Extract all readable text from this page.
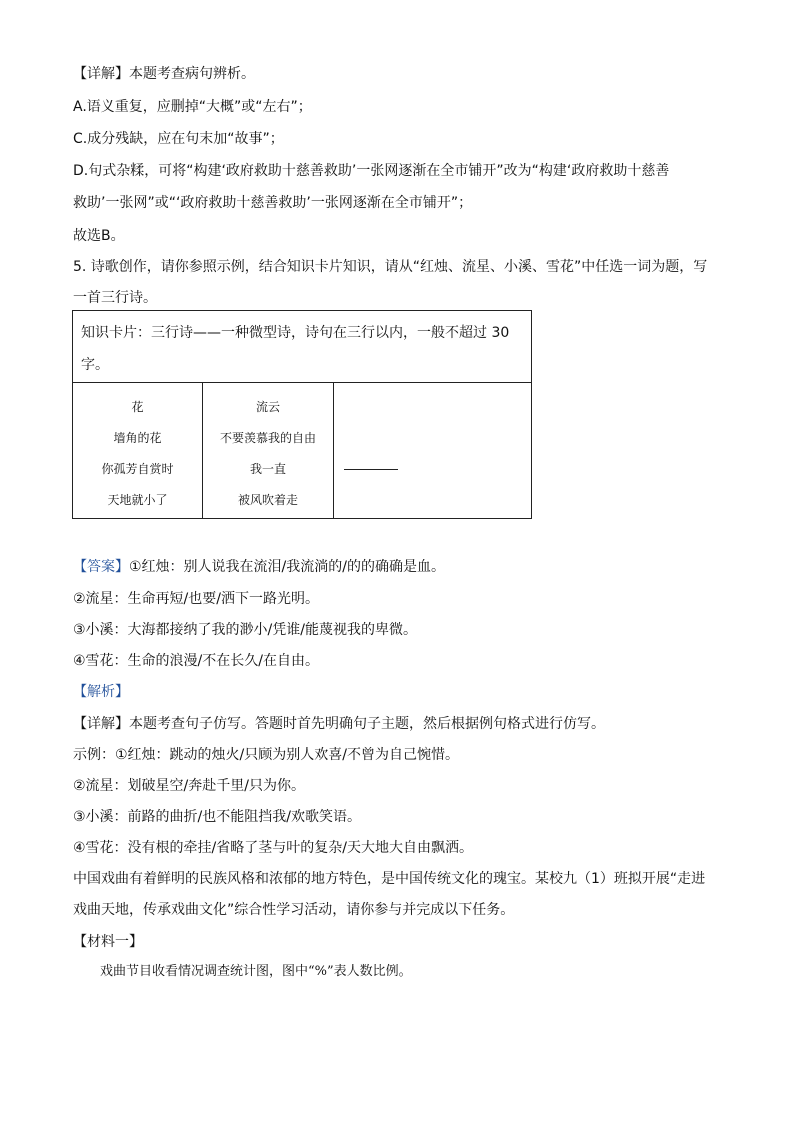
【详解】本题考查病句辨析。
A.语义重复，应删掉“大概”或“左右”；
C.成分残缺，应在句末加“故事”；
D.句式杂糅，可将“构建‘政府救助十慈善救助’一张网逐渐在全市铺开”改为“构建‘政府救助十慈善
救助’一张网”或“‘政府救助十慈善救助’一张网逐渐在全市铺开”；
故选B。
5. 诗歌创作，请你参照示例，结合知识卡片知识，请从“红烛、流星、小溪、雪花”中任选一词为题，写
一首三行诗。
知识卡片：三行诗——一种微型诗，诗句在三行以内，一般不超过 30
字。
花
墙角的花
你孤芳自赏时
天地就小了
流云
不要羡慕我的自由
我一直
被风吹着走
【答案】①红烛：别人说我在流泪/我流淌的/的的确确是血。
②流星：生命再短/也要/洒下一路光明。
③小溪：大海都接纳了我的渺小/凭谁/能蔑视我的卑微。
④雪花：生命的浪漫/不在长久/在自由。
【解析】
【详解】本题考查句子仿写。答题时首先明确句子主题，然后根据例句格式进行仿写。
示例：①红烛：跳动的烛火/只顾为别人欢喜/不曾为自己惋惜。
②流星：划破星空/奔赴千里/只为你。
③小溪：前路的曲折/也不能阻挡我/欢歌笑语。
④雪花：没有根的牵挂/省略了茎与叶的复杂/天大地大自由飘洒。
中国戏曲有着鲜明的民族风格和浓郁的地方特色，是中国传统文化的瑰宝。某校九（1）班拟开展“走进
戏曲天地，传承戏曲文化”综合性学习活动，请你参与并完成以下任务。
【材料一】
戏曲节目收看情况调查统计图，图中“%”表人数比例。
